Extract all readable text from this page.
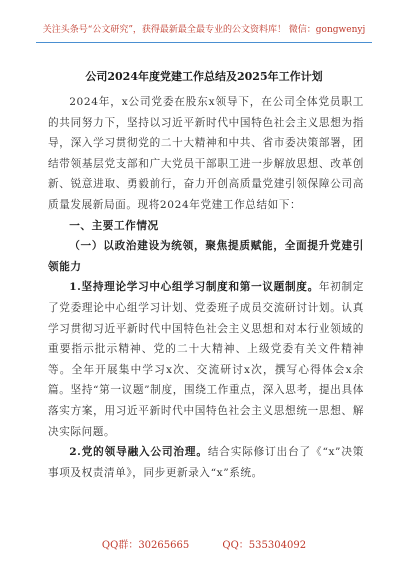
关注头条号“公文研究”，获得最新最全最专业的公文资料库！ 微信：gongwenyj
公司2024年度党建工作总结及2025年工作计划

2024年，x公司党委在股东x领导下，在公司全体党员职工的共同努力下，坚持以习近平新时代中国特色社会主义思想为指导，深入学习贯彻党的二十大精神和中共、省市委决策部署，团结带领基层党支部和广大党员干部职工进一步解放思想、改革创新、锐意进取、勇毅前行，奋力开创高质量党建引领保障公司高质量发展新局面。现将2024年党建工作总结如下：

一、主要工作情况

（一）以政治建设为统领，聚焦提质赋能，全面提升党建引领能力

1.坚持理论学习中心组学习制度和第一议题制度。年初制定了党委理论中心组学习计划、党委班子成员交流研讨计划。认真学习贯彻习近平新时代中国特色社会主义思想和对本行业领域的重要指示批示精神、党的二十大精神、上级党委有关文件精神等。全年开展集中学习x次、交流研讨x次，撰写心得体会x余篇。坚持“第一议题”制度，围绕工作重点，深入思考，提出具体落实方案，用习近平新时代中国特色社会主义思想统一思想、解决实际问题。

2.党的领导融入公司治理。结合实际修订出台了《“x”决策事项及权责清单》，同步更新录入“x”系统。

QQ群：30265665	QQ：535304092
